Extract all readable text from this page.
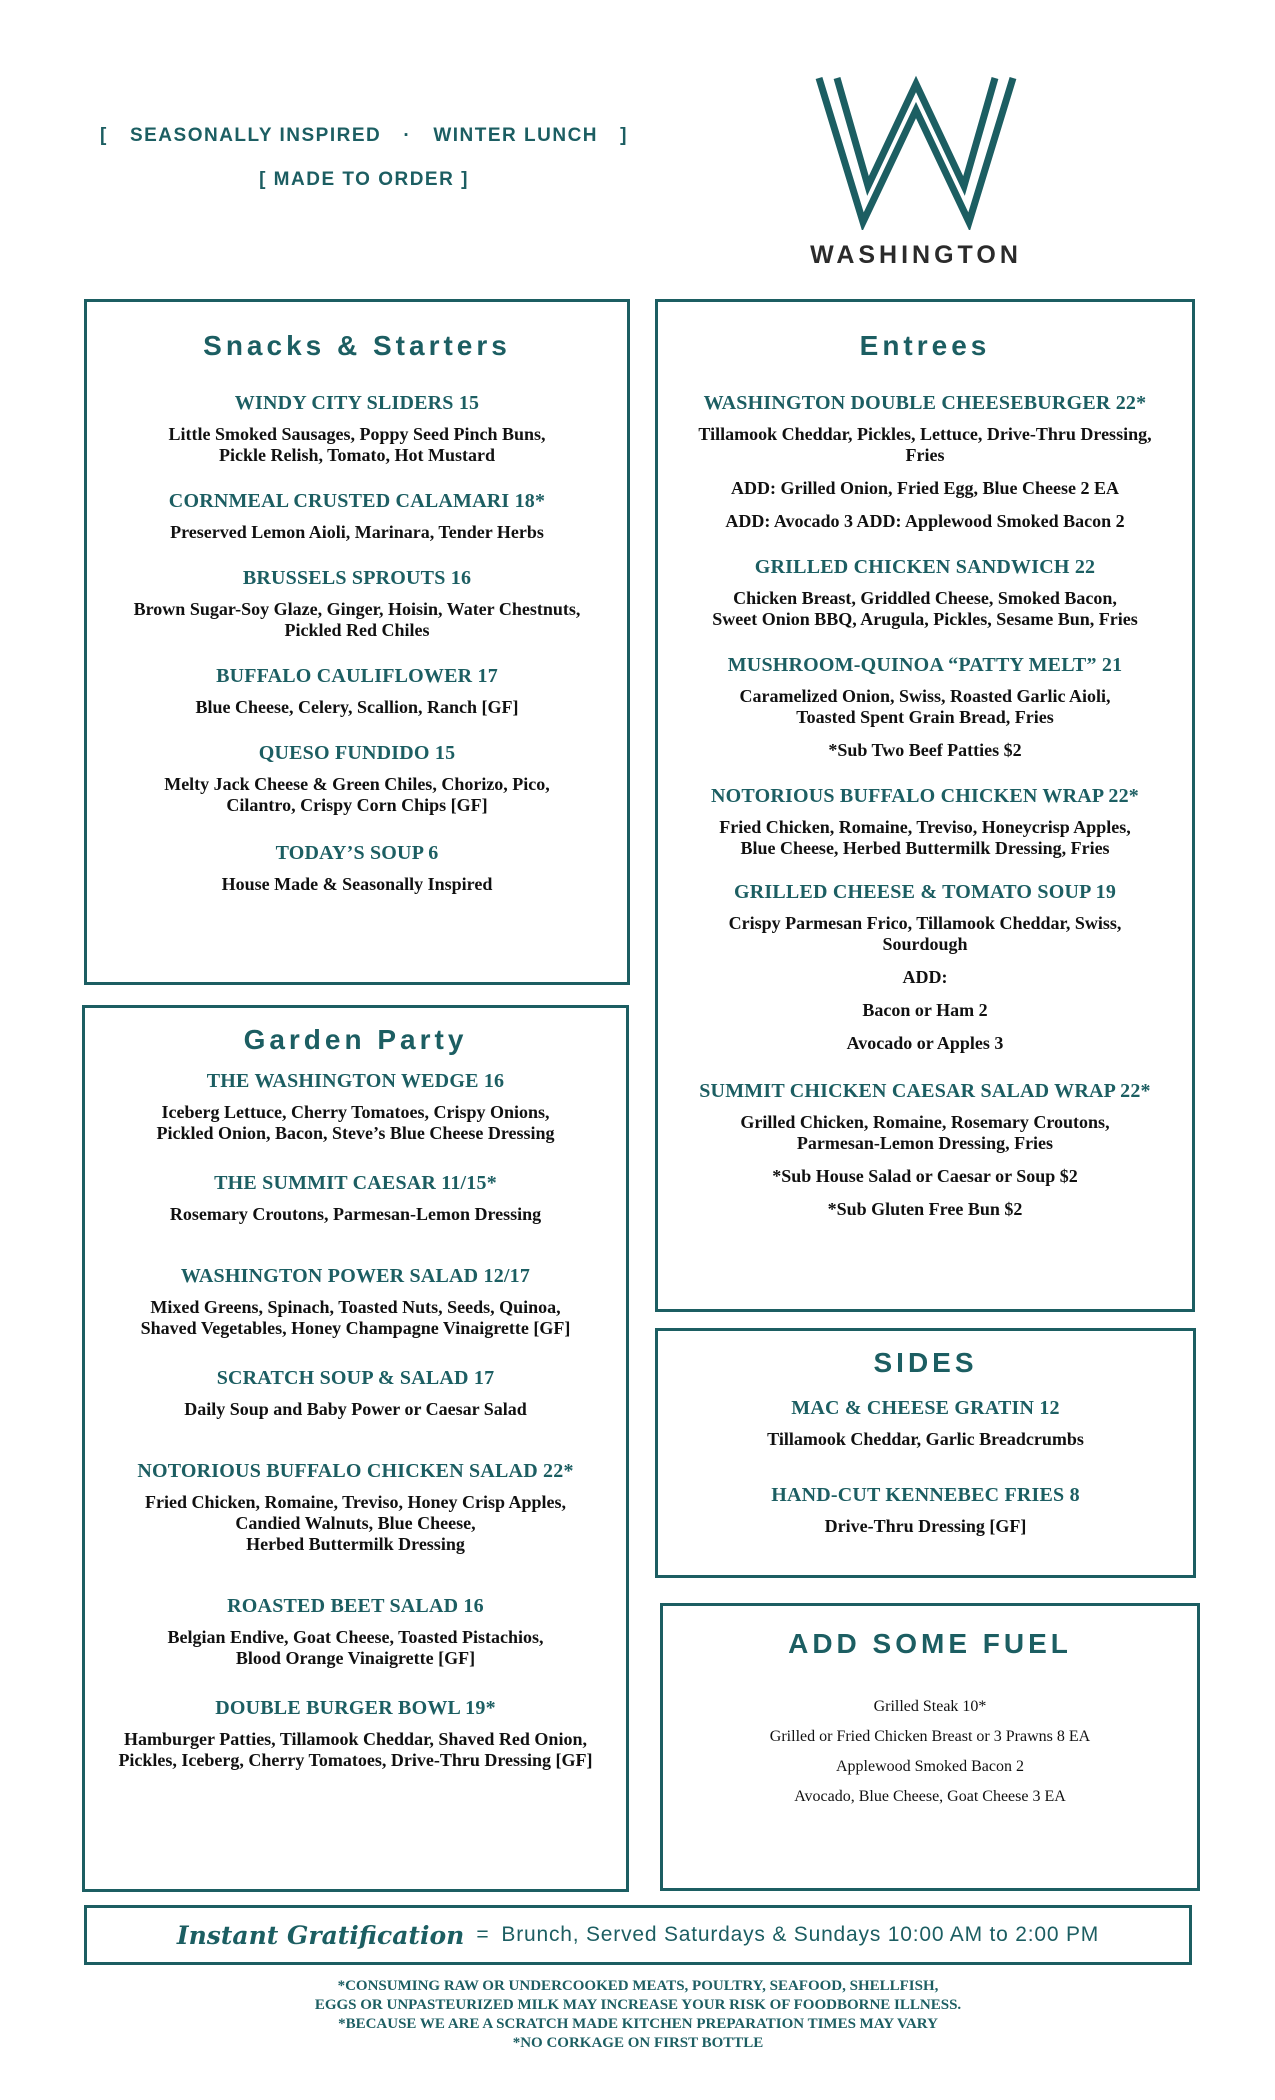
[ SEASONALLY INSPIRED · WINTER LUNCH ]
[ MADE TO ORDER ]
WASHINGTON
Snacks & Starters
WINDY CITY SLIDERS 15
Little Smoked Sausages, Poppy Seed Pinch Buns,
Pickle Relish, Tomato, Hot Mustard
CORNMEAL CRUSTED CALAMARI 18*
Preserved Lemon Aioli, Marinara, Tender Herbs
BRUSSELS SPROUTS 16
Brown Sugar-Soy Glaze, Ginger, Hoisin, Water Chestnuts,
Pickled Red Chiles
BUFFALO CAULIFLOWER 17
Blue Cheese, Celery, Scallion, Ranch [GF]
QUESO FUNDIDO 15
Melty Jack Cheese & Green Chiles, Chorizo, Pico,
Cilantro, Crispy Corn Chips [GF]
TODAY’S SOUP 6
House Made & Seasonally Inspired
Garden Party
THE WASHINGTON WEDGE 16
Iceberg Lettuce, Cherry Tomatoes, Crispy Onions,
Pickled Onion, Bacon, Steve’s Blue Cheese Dressing
THE SUMMIT CAESAR 11/15*
Rosemary Croutons, Parmesan-Lemon Dressing
WASHINGTON POWER SALAD 12/17
Mixed Greens, Spinach, Toasted Nuts, Seeds, Quinoa,
Shaved Vegetables, Honey Champagne Vinaigrette [GF]
SCRATCH SOUP & SALAD 17
Daily Soup and Baby Power or Caesar Salad
NOTORIOUS BUFFALO CHICKEN SALAD 22*
Fried Chicken, Romaine, Treviso, Honey Crisp Apples,
Candied Walnuts, Blue Cheese,
Herbed Buttermilk Dressing
ROASTED BEET SALAD 16
Belgian Endive, Goat Cheese, Toasted Pistachios,
Blood Orange Vinaigrette [GF]
DOUBLE BURGER BOWL 19*
Hamburger Patties, Tillamook Cheddar, Shaved Red Onion,
Pickles, Iceberg, Cherry Tomatoes, Drive-Thru Dressing [GF]
Entrees
WASHINGTON DOUBLE CHEESEBURGER 22*
Tillamook Cheddar, Pickles, Lettuce, Drive-Thru Dressing,
Fries
ADD: Grilled Onion, Fried Egg, Blue Cheese 2 EA
ADD: Avocado 3 ADD: Applewood Smoked Bacon 2
GRILLED CHICKEN SANDWICH 22
Chicken Breast, Griddled Cheese, Smoked Bacon,
Sweet Onion BBQ, Arugula, Pickles, Sesame Bun, Fries
MUSHROOM-QUINOA “PATTY MELT” 21
Caramelized Onion, Swiss, Roasted Garlic Aioli,
Toasted Spent Grain Bread, Fries
*Sub Two Beef Patties $2
NOTORIOUS BUFFALO CHICKEN WRAP 22*
Fried Chicken, Romaine, Treviso, Honeycrisp Apples,
Blue Cheese, Herbed Buttermilk Dressing, Fries
GRILLED CHEESE & TOMATO SOUP 19
Crispy Parmesan Frico, Tillamook Cheddar, Swiss,
Sourdough
ADD:
Bacon or Ham 2
Avocado or Apples 3
SUMMIT CHICKEN CAESAR SALAD WRAP 22*
Grilled Chicken, Romaine, Rosemary Croutons,
Parmesan-Lemon Dressing, Fries
*Sub House Salad or Caesar or Soup $2
*Sub Gluten Free Bun $2
SIDES
MAC & CHEESE GRATIN 12
Tillamook Cheddar, Garlic Breadcrumbs
HAND-CUT KENNEBEC FRIES 8
Drive-Thru Dressing [GF]
ADD SOME FUEL
Grilled Steak 10*
Grilled or Fried Chicken Breast or 3 Prawns 8 EA
Applewood Smoked Bacon 2
Avocado, Blue Cheese, Goat Cheese 3 EA
Instant Gratification = Brunch, Served Saturdays & Sundays 10:00 AM to 2:00 PM
*CONSUMING RAW OR UNDERCOOKED MEATS, POULTRY, SEAFOOD, SHELLFISH,
EGGS OR UNPASTEURIZED MILK MAY INCREASE YOUR RISK OF FOODBORNE ILLNESS.
*BECAUSE WE ARE A SCRATCH MADE KITCHEN PREPARATION TIMES MAY VARY
*NO CORKAGE ON FIRST BOTTLE
